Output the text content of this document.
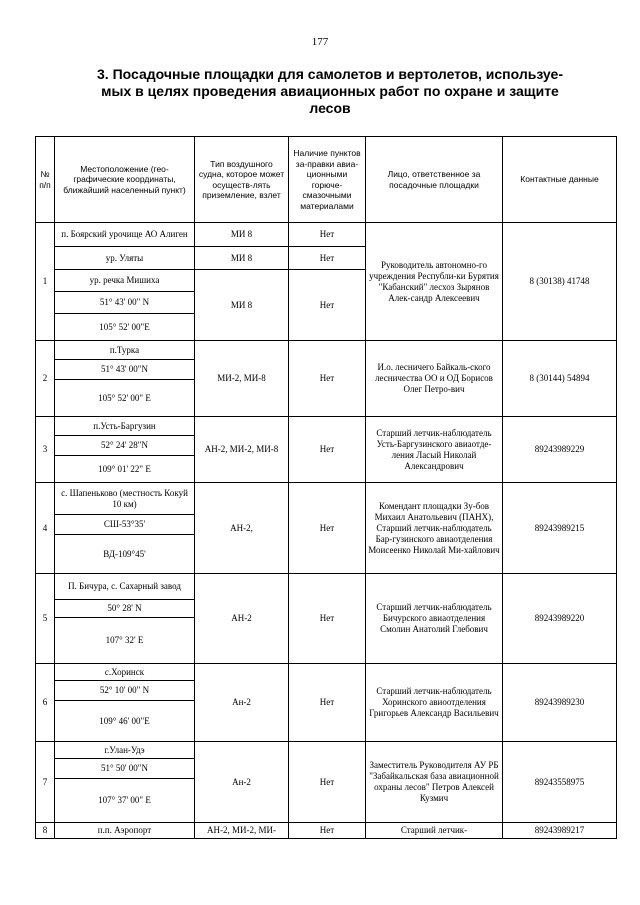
177
3. Посадочные площадки для самолетов и вертолетов, используе-
мых в целях проведения авиационных работ по охране и защите
лесов
№ п/п	Местоположение (гео-графические координаты, ближайший населенный пункт)	Тип воздушного судна, которое может осуществ-лять приземление, взлет	Наличие пунктов за-правки авиа-ционными горюче-смазочными материалами	Лицо, ответственное за посадочные площадки	Контактные данные
1	п. Боярский урочище АО Алиген	МИ 8	Нет	Руководитель автономно-го учреждения Республи-ки Бурятия "Кабанский" лесхоз Зырянов Алек-сандр Алексеевич	8 (30138) 41748
	ур. Уляты	МИ 8	Нет		
	ур. речка Мишиха	МИ 8	Нет		
	51° 43' 00" N				
	105° 52' 00"E				
2	п.Турка	МИ-2, МИ-8	Нет	И.о. лесничего Байкаль-ского лесничества ОО и ОД Борисов Олег Петро-вич	8 (30144) 54894
	51° 43' 00"N				
	105° 52' 00" E				
3	п.Усть-Баргузин	АН-2, МИ-2, МИ-8	Нет	Старший летчик-наблюдатель Усть-Баргузинского авиаотде-ления Ласый Николай Александрович	89243989229
	52° 24' 28"N				
	109° 01' 22" E				
4	с. Шапеньково (местность Кокуй 10 км)	АН-2,	Нет	Комендант площадки Зу-бов Михаил Анатольевич (ПАНХ), Старший летчик-наблюдатель Бар-гузинского авиаотделения Моисеенко Николай Ми-хайлович	89243989215
	СШ-53°35'				
	ВД-109°45'				
5	П. Бичура, с. Сахарный завод	АН-2	Нет	Старший летчик-наблюдатель Бичурского авиаотделения Смолин Анатолий Глебович	89243989220
	50° 28' N				
	107° 32' E				
6	с.Хоринск	Ан-2	Нет	Старший летчик-наблюдатель Хоринского авиоотделения Григорьев Александр Васильевич	89243989230
	52° 10' 00" N				
	109° 46' 00"E				
7	г.Улан-Удэ	Ан-2	Нет	Заместитель Руководителя АУ РБ "Забайкальская база авиационной охраны лесов" Петров Алексей Кузмич	89243558975
	51° 50' 00"N				
	107° 37' 00" E				
8	п.п. Аэропорт	АН-2, МИ-2, МИ-	Нет	Старший летчик-	89243989217
